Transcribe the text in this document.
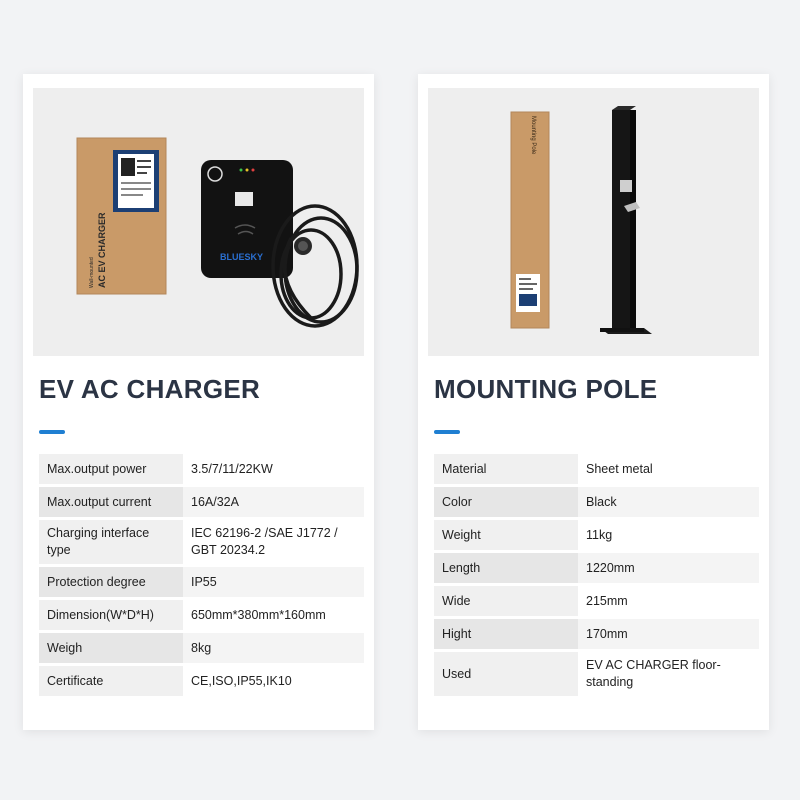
AC EV CHARGER
Wall-mounted
BLUESKY
EV AC CHARGER
Max.output power	3.5/7/11/22KW
Max.output current	16A/32A
Charging interface type	IEC 62196-2 /SAE J1772 / GBT 20234.2
Protection degree	IP55
Dimension(W*D*H)	650mm*380mm*160mm
Weigh	8kg
Certificate	CE,ISO,IP55,IK10
Mounting Pole
MOUNTING POLE
Material	Sheet metal
Color	Black
Weight	11kg
Length	1220mm
Wide	215mm
Hight	170mm
Used	EV AC CHARGER floor-standing
